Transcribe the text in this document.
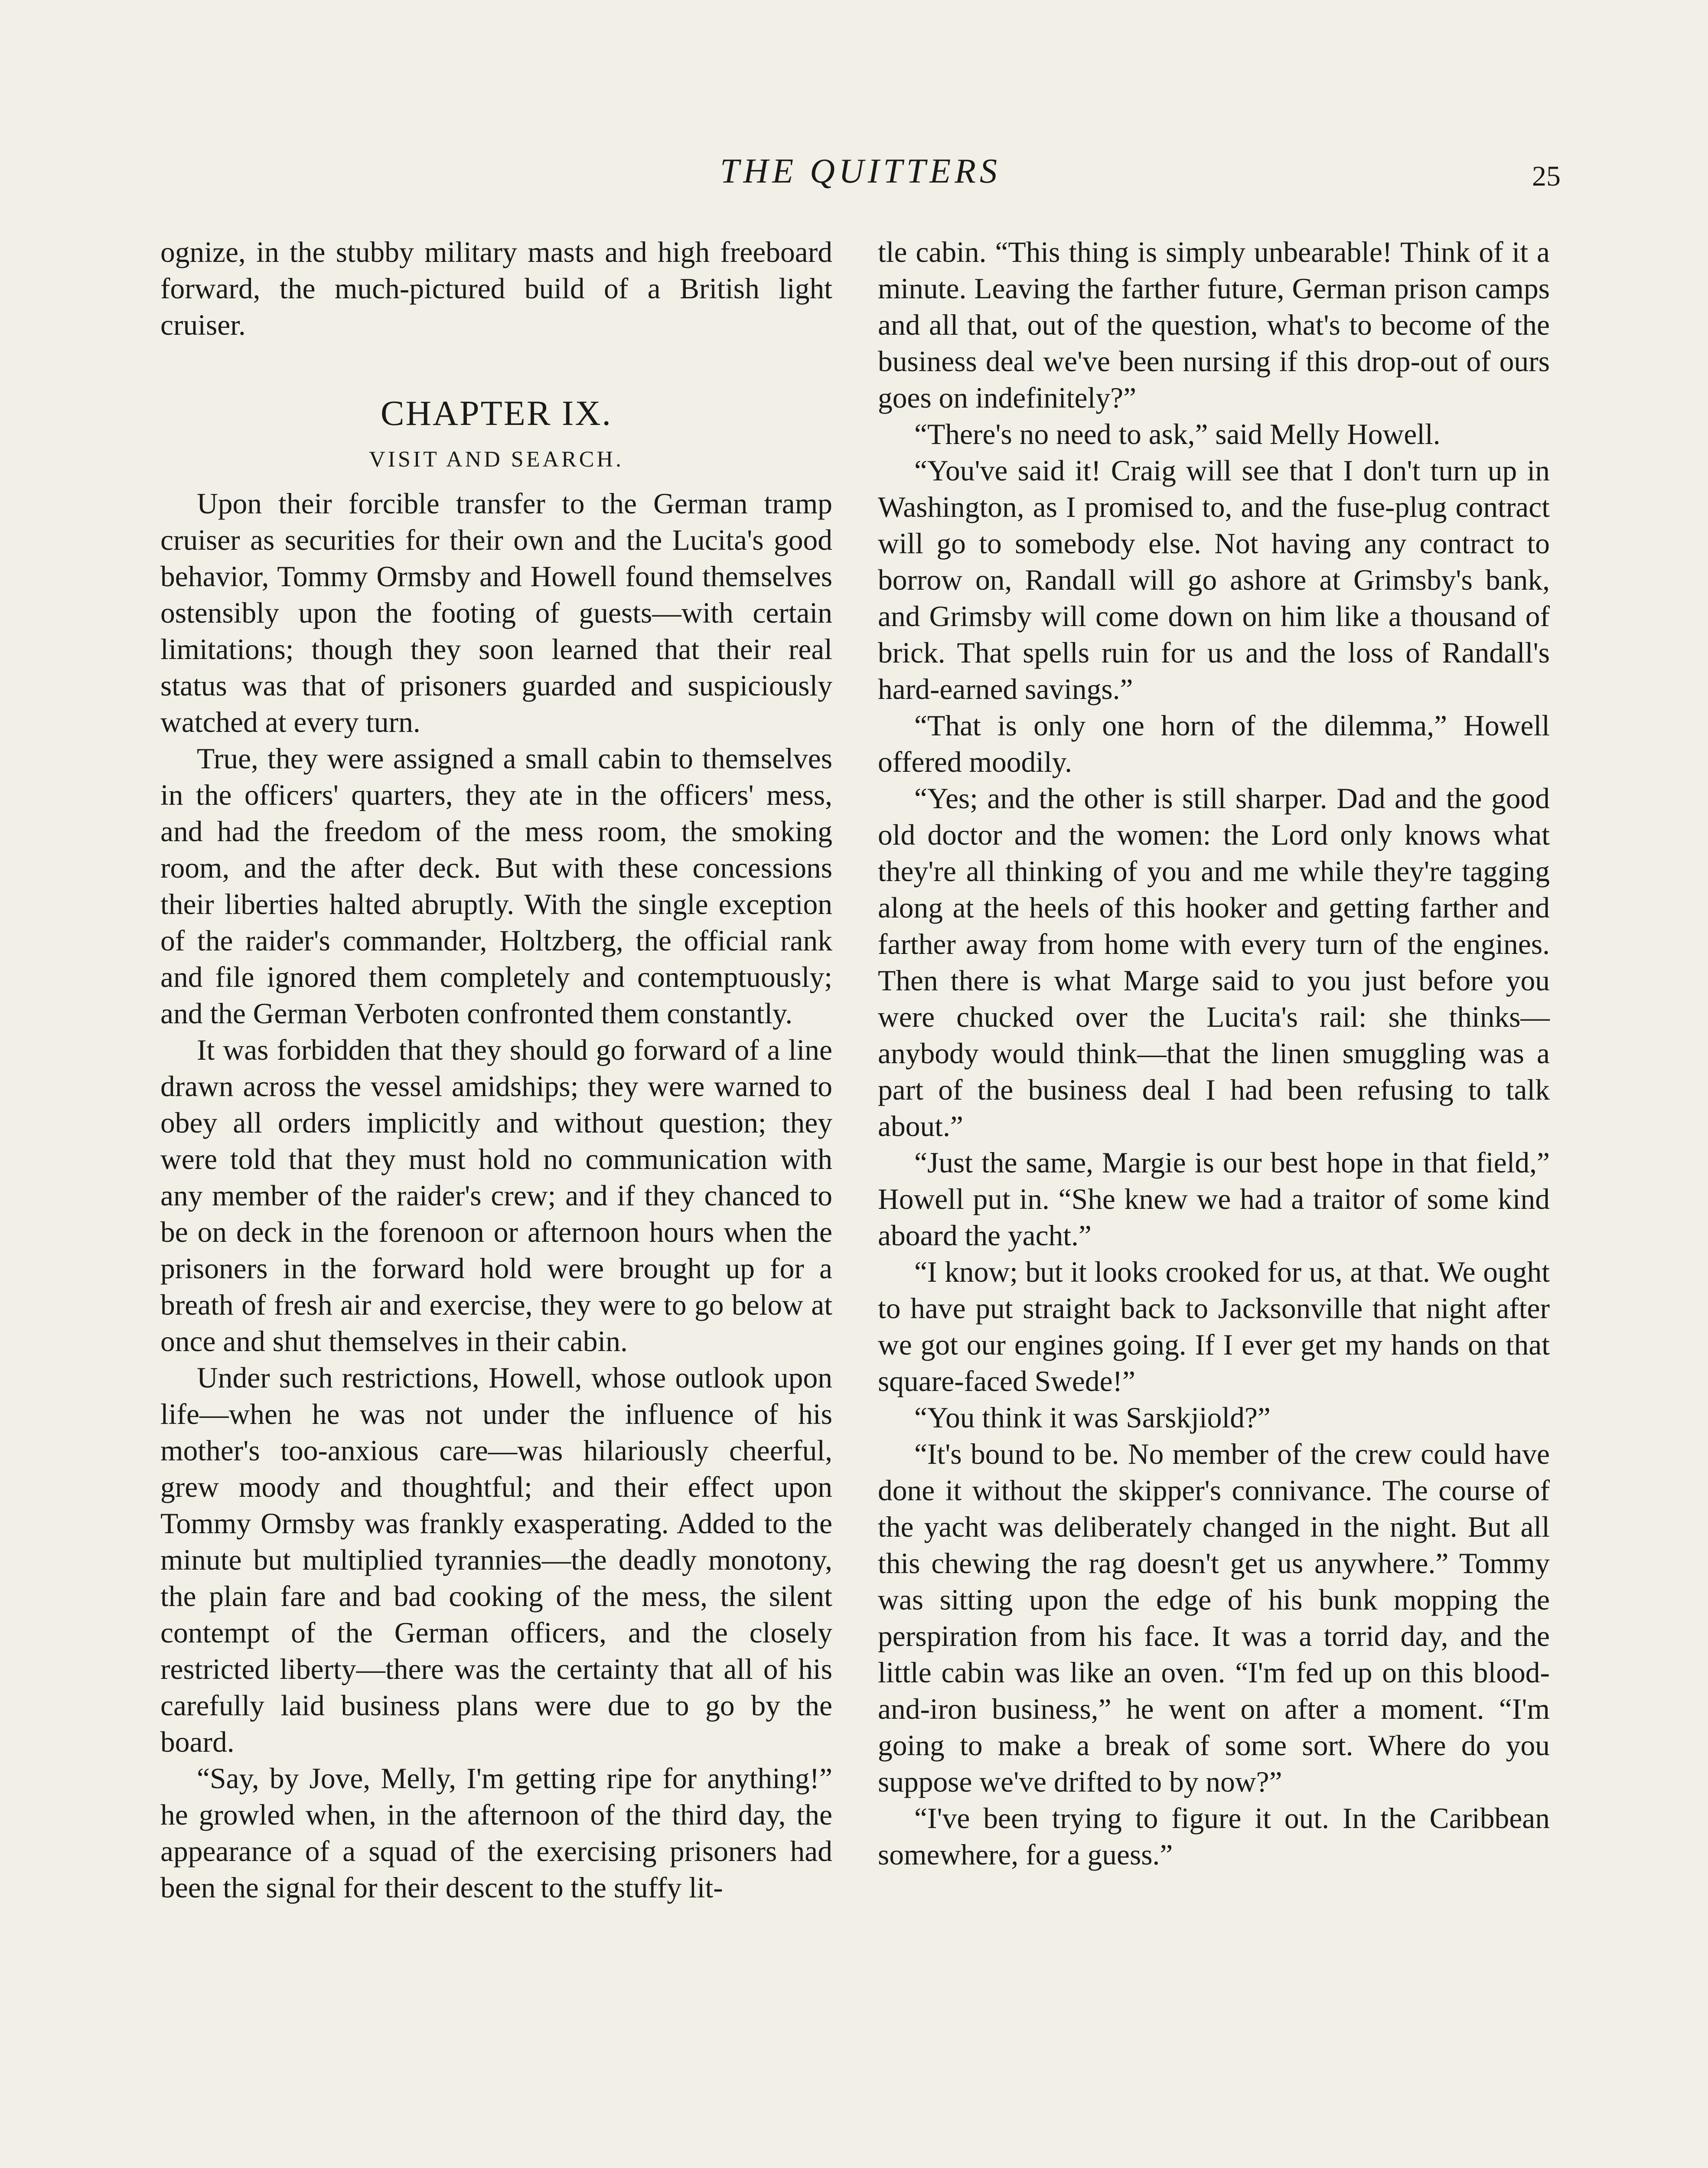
THE QUITTERS	25

ognize, in the stubby military masts and high freeboard forward, the much-pictured build of a British light cruiser.

CHAPTER IX.
VISIT AND SEARCH.

Upon their forcible transfer to the German tramp cruiser as securities for their own and the Lucita's good behavior, Tommy Ormsby and Howell found themselves ostensibly upon the footing of guests—with certain limitations; though they soon learned that their real status was that of prisoners guarded and suspiciously watched at every turn.

True, they were assigned a small cabin to themselves in the officers' quarters, they ate in the officers' mess, and had the freedom of the mess room, the smoking room, and the after deck. But with these concessions their liberties halted abruptly. With the single exception of the raider's commander, Holtzberg, the official rank and file ignored them completely and contemptuously; and the German Verboten confronted them constantly.

It was forbidden that they should go forward of a line drawn across the vessel amidships; they were warned to obey all orders implicitly and without question; they were told that they must hold no communication with any member of the raider's crew; and if they chanced to be on deck in the forenoon or afternoon hours when the prisoners in the forward hold were brought up for a breath of fresh air and exercise, they were to go below at once and shut themselves in their cabin.

Under such restrictions, Howell, whose outlook upon life—when he was not under the influence of his mother's too-anxious care—was hilariously cheerful, grew moody and thoughtful; and their effect upon Tommy Ormsby was frankly exasperating. Added to the minute but multiplied tyrannies—the deadly monotony, the plain fare and bad cooking of the mess, the silent contempt of the German officers, and the closely restricted liberty—there was the certainty that all of his carefully laid business plans were due to go by the board.

“Say, by Jove, Melly, I'm getting ripe for anything!” he growled when, in the afternoon of the third day, the appearance of a squad of the exercising prisoners had been the signal for their descent to the stuffy lit-

tle cabin. “This thing is simply unbearable! Think of it a minute. Leaving the farther future, German prison camps and all that, out of the question, what's to become of the business deal we've been nursing if this drop-out of ours goes on indefinitely?”

“There's no need to ask,” said Melly Howell.

“You've said it! Craig will see that I don't turn up in Washington, as I promised to, and the fuse-plug contract will go to somebody else. Not having any contract to borrow on, Randall will go ashore at Grimsby's bank, and Grimsby will come down on him like a thousand of brick. That spells ruin for us and the loss of Randall's hard-earned savings.”

“That is only one horn of the dilemma,” Howell offered moodily.

“Yes; and the other is still sharper. Dad and the good old doctor and the women: the Lord only knows what they're all thinking of you and me while they're tagging along at the heels of this hooker and getting farther and farther away from home with every turn of the engines. Then there is what Marge said to you just before you were chucked over the Lucita's rail: she thinks—anybody would think—that the linen smuggling was a part of the business deal I had been refusing to talk about.”

“Just the same, Margie is our best hope in that field,” Howell put in. “She knew we had a traitor of some kind aboard the yacht.”

“I know; but it looks crooked for us, at that. We ought to have put straight back to Jacksonville that night after we got our engines going. If I ever get my hands on that square-faced Swede!”

“You think it was Sarskjiold?”

“It's bound to be. No member of the crew could have done it without the skipper's connivance. The course of the yacht was deliberately changed in the night. But all this chewing the rag doesn't get us anywhere.” Tommy was sitting upon the edge of his bunk mopping the perspiration from his face. It was a torrid day, and the little cabin was like an oven. “I'm fed up on this blood-and-iron business,” he went on after a moment. “I'm going to make a break of some sort. Where do you suppose we've drifted to by now?”

“I've been trying to figure it out. In the Caribbean somewhere, for a guess.”
